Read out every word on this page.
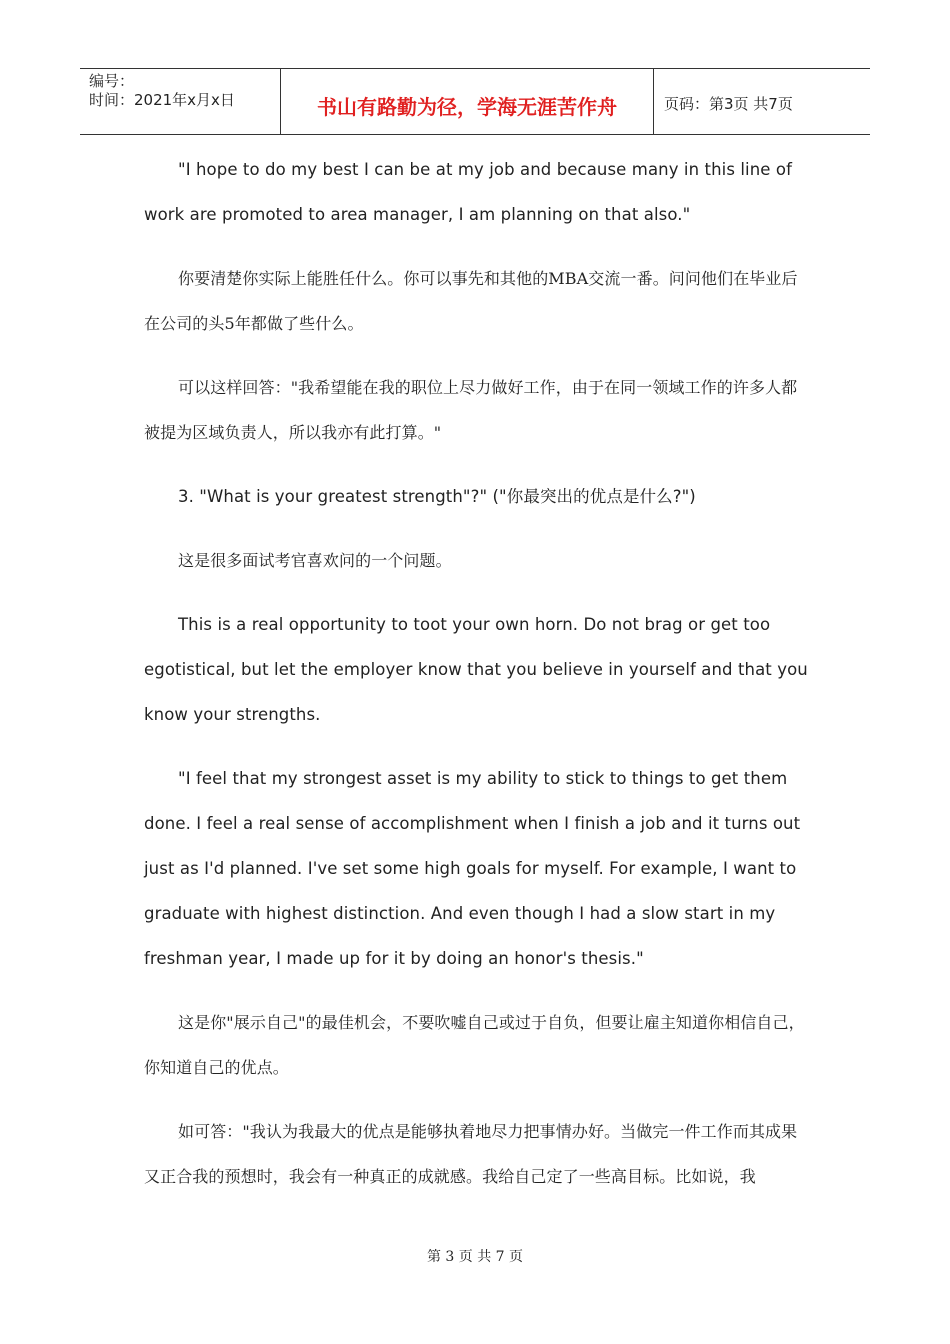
编号：
时间：2021年x月x日	书山有路勤为径，学海无涯苦作舟	页码：第3页 共7页

"I hope to do my best I can be at my job and because many in this line of work are promoted to area manager, I am planning on that also."

你要清楚你实际上能胜任什么。你可以事先和其他的MBA交流一番。问问他们在毕业后在公司的头5年都做了些什么。

可以这样回答："我希望能在我的职位上尽力做好工作，由于在同一领域工作的许多人都被提为区域负责人，所以我亦有此打算。"

3. "What is your greatest strength"?" ("你最突出的优点是什么?")

这是很多面试考官喜欢问的一个问题。

This is a real opportunity to toot your own horn. Do not brag or get too egotistical, but let the employer know that you believe in yourself and that you know your strengths.

"I feel that my strongest asset is my ability to stick to things to get them done. I feel a real sense of accomplishment when I finish a job and it turns out just as I'd planned. I've set some high goals for myself. For example, I want to graduate with highest distinction. And even though I had a slow start in my freshman year, I made up for it by doing an honor's thesis."

这是你"展示自己"的最佳机会，不要吹嘘自己或过于自负，但要让雇主知道你相信自己，你知道自己的优点。

如可答："我认为我最大的优点是能够执着地尽力把事情办好。当做完一件工作而其成果又正合我的预想时，我会有一种真正的成就感。我给自己定了一些高目标。比如说，我

第 3 页 共 7 页
